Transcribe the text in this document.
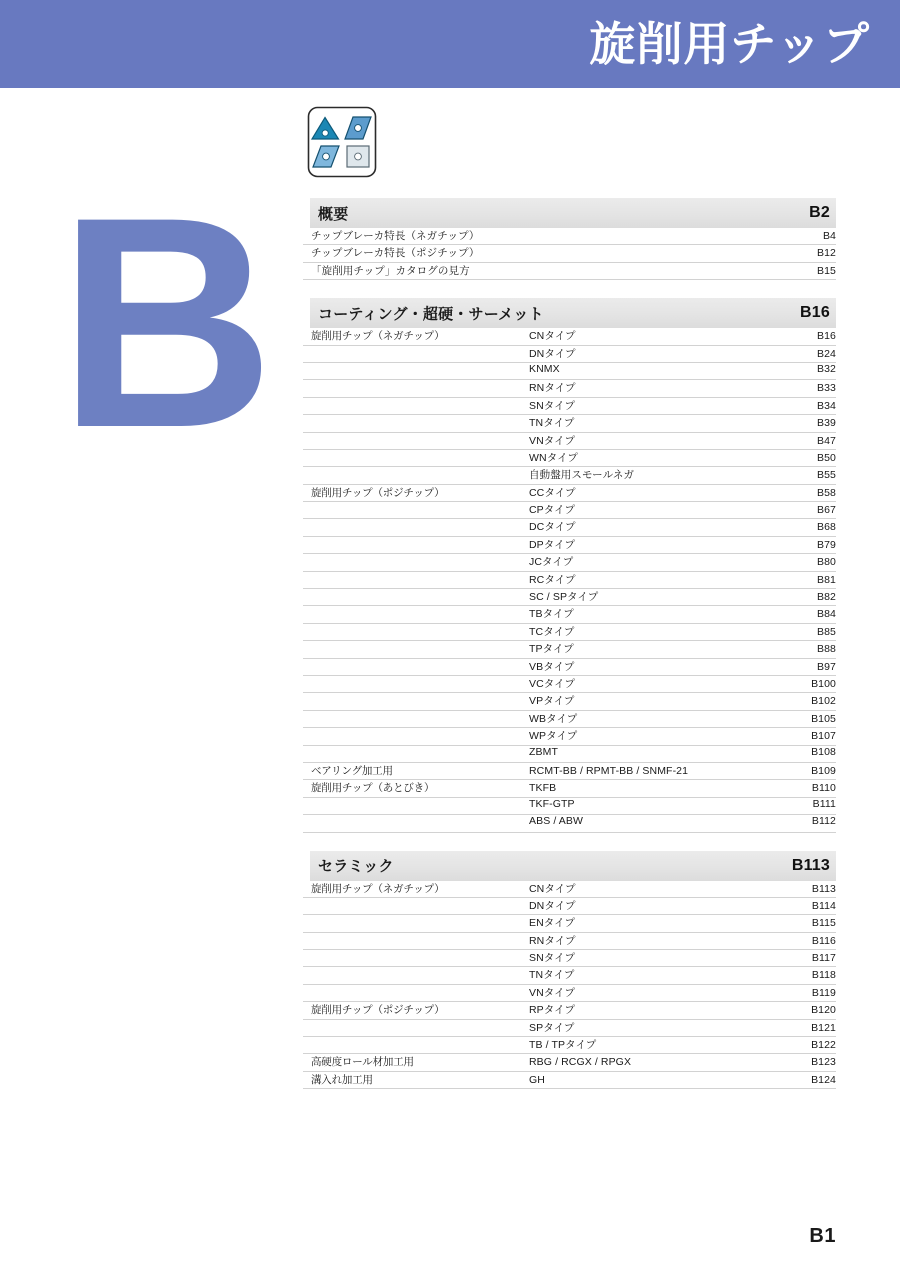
旋削用チップ
B	概要	B2
チップブレーカ特長（ネガチップ）	B4
チップブレーカ特長（ポジチップ）	B12
「旋削用チップ」カタログの見方	B15
コーティング・超硬・サーメット	B16
旋削用チップ（ネガチップ）	CNタイプ	B16
DNタイプ	B24
KNMX	B32
RNタイプ	B33
SNタイプ	B34
TNタイプ	B39
VNタイプ	B47
WNタイプ	B50
自動盤用スモールネガ	B55
旋削用チップ（ポジチップ）	CCタイプ	B58
CPタイプ	B67
DCタイプ	B68
DPタイプ	B79
JCタイプ	B80
RCタイプ	B81
SC / SPタイプ	B82
TBタイプ	B84
TCタイプ	B85
TPタイプ	B88
VBタイプ	B97
VCタイプ	B100
VPタイプ	B102
WBタイプ	B105
WPタイプ	B107
ZBMT	B108
ベアリング加工用	RCMT-BB / RPMT-BB / SNMF-21	B109
旋削用チップ（あとびき）	TKFB	B110
TKF-GTP	B111
ABS / ABW	B112
セラミック	B113
旋削用チップ（ネガチップ）	CNタイプ	B113
DNタイプ	B114
ENタイプ	B115
RNタイプ	B116
SNタイプ	B117
TNタイプ	B118
VNタイプ	B119
旋削用チップ（ポジチップ）	RPタイプ	B120
SPタイプ	B121
TB / TPタイプ	B122
高硬度ロール材加工用	RBG / RCGX / RPGX	B123
溝入れ加工用	GH	B124
B1
